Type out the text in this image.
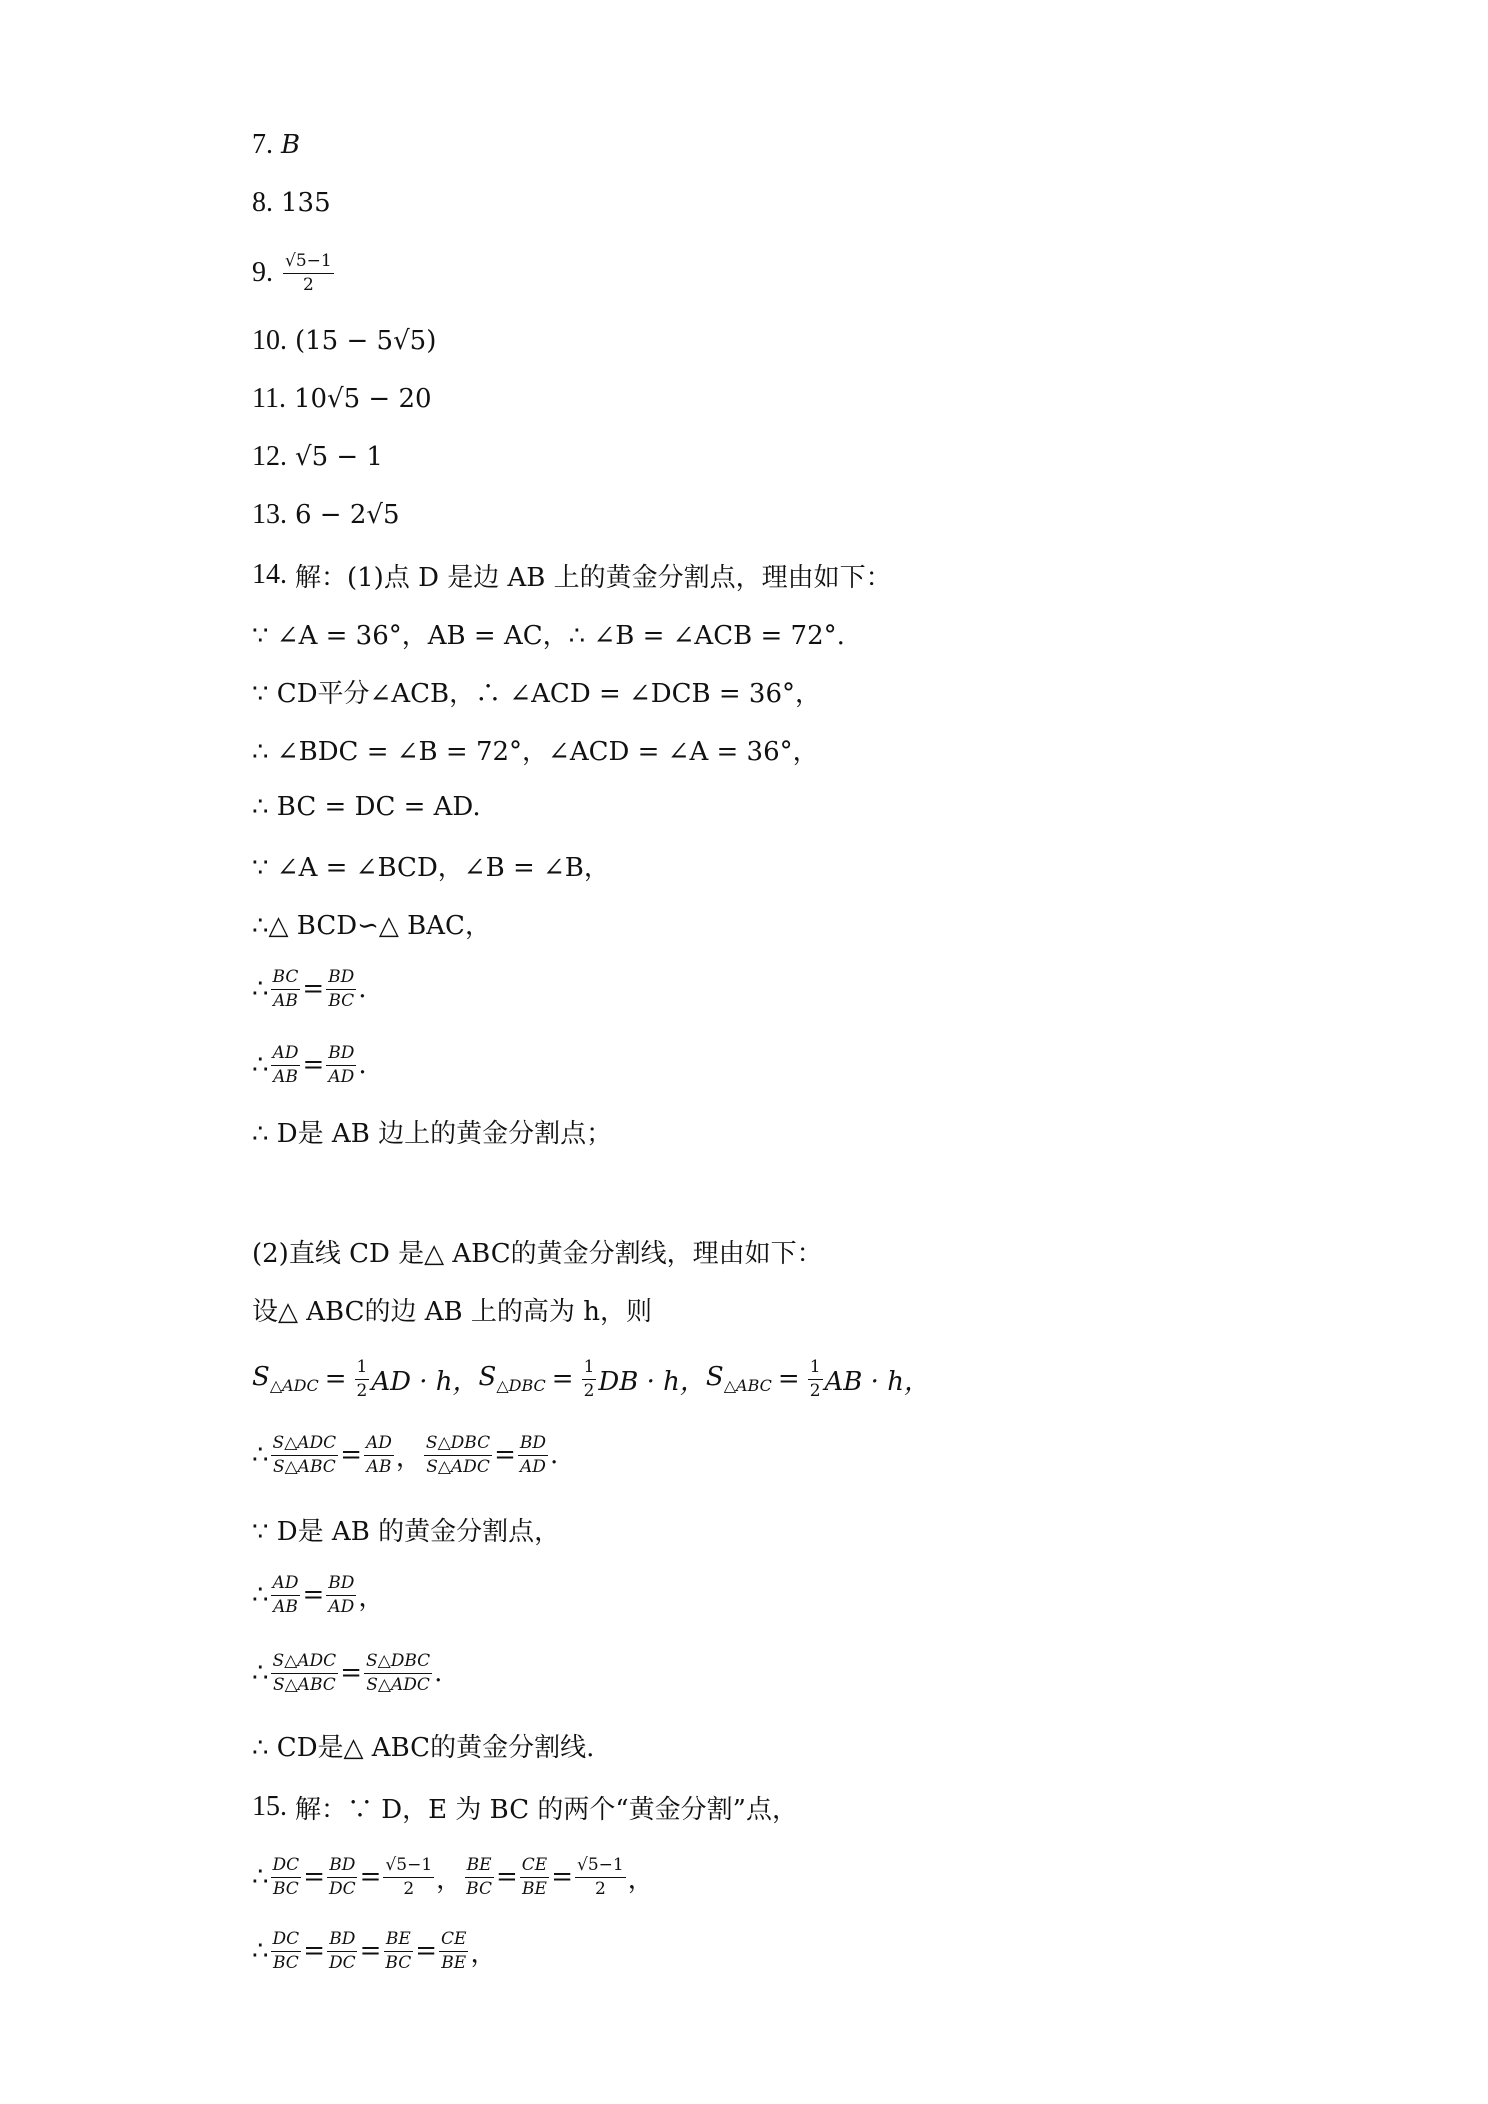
7. B
8. 135
9. $\frac{√5-1}{2}$
10. (15 − 5√5)
11. 10√5 − 20
12. √5 − 1
13. 6 − 2√5
14. 解：(1)点 D 是边 AB 上的黄金分割点，理由如下：
∵ ∠A = 36°，AB = AC，∴ ∠B = ∠ACB = 72°.
∵ CD平分∠ACB，∴ ∠ACD = ∠DCB = 36°，
∴ ∠BDC = ∠B = 72°，∠ACD = ∠A = 36°，
∴ BC = DC = AD.
∵ ∠A = ∠BCD，∠B = ∠B，
∴△ BCD∽△ BAC，
∴ $\frac{BC}{AB} = \frac{BD}{BC}$ .
∴ $\frac{AD}{AB} = \frac{BD}{AD}$ .
∴ D是 AB 边上的黄金分割点；
(2)直线 CD 是△ ABC的黄金分割线，理由如下：
设△ ABC的边 AB 上的高为 h，则
$S_{\triangle ADC} = \frac{1}{2}$ AD · h， $S_{\triangle DBC} = \frac{1}{2}$ DB · h， $S_{\triangle ABC} = \frac{1}{2}$ AB · h，
∴ $\frac{\text{S△ADC}}{\text{S△ABC}} = \frac{AD}{AB}$ ， $\frac{\text{S△DBC}}{\text{S△ADC}} = \frac{BD}{AD}$ .
∵ D是 AB 的黄金分割点，
∴ $\frac{AD}{AB} = \frac{BD}{AD}$ ，
∴ $\frac{\text{S△ADC}}{\text{S△ABC}} = \frac{\text{S△DBC}}{\text{S△ADC}}$ .
∴ CD是△ ABC的黄金分割线.
15. 解：∵ D，E 为 BC 的两个“黄金分割”点，
∴ $\frac{DC}{BC} = \frac{BD}{DC} = \frac{√5-1}{2}$ ， $\frac{BE}{BC} = \frac{CE}{BE} = \frac{√5-1}{2}$ ，
∴ $\frac{DC}{BC} = \frac{BD}{DC} = \frac{BE}{BC} = \frac{CE}{BE}$ ，
